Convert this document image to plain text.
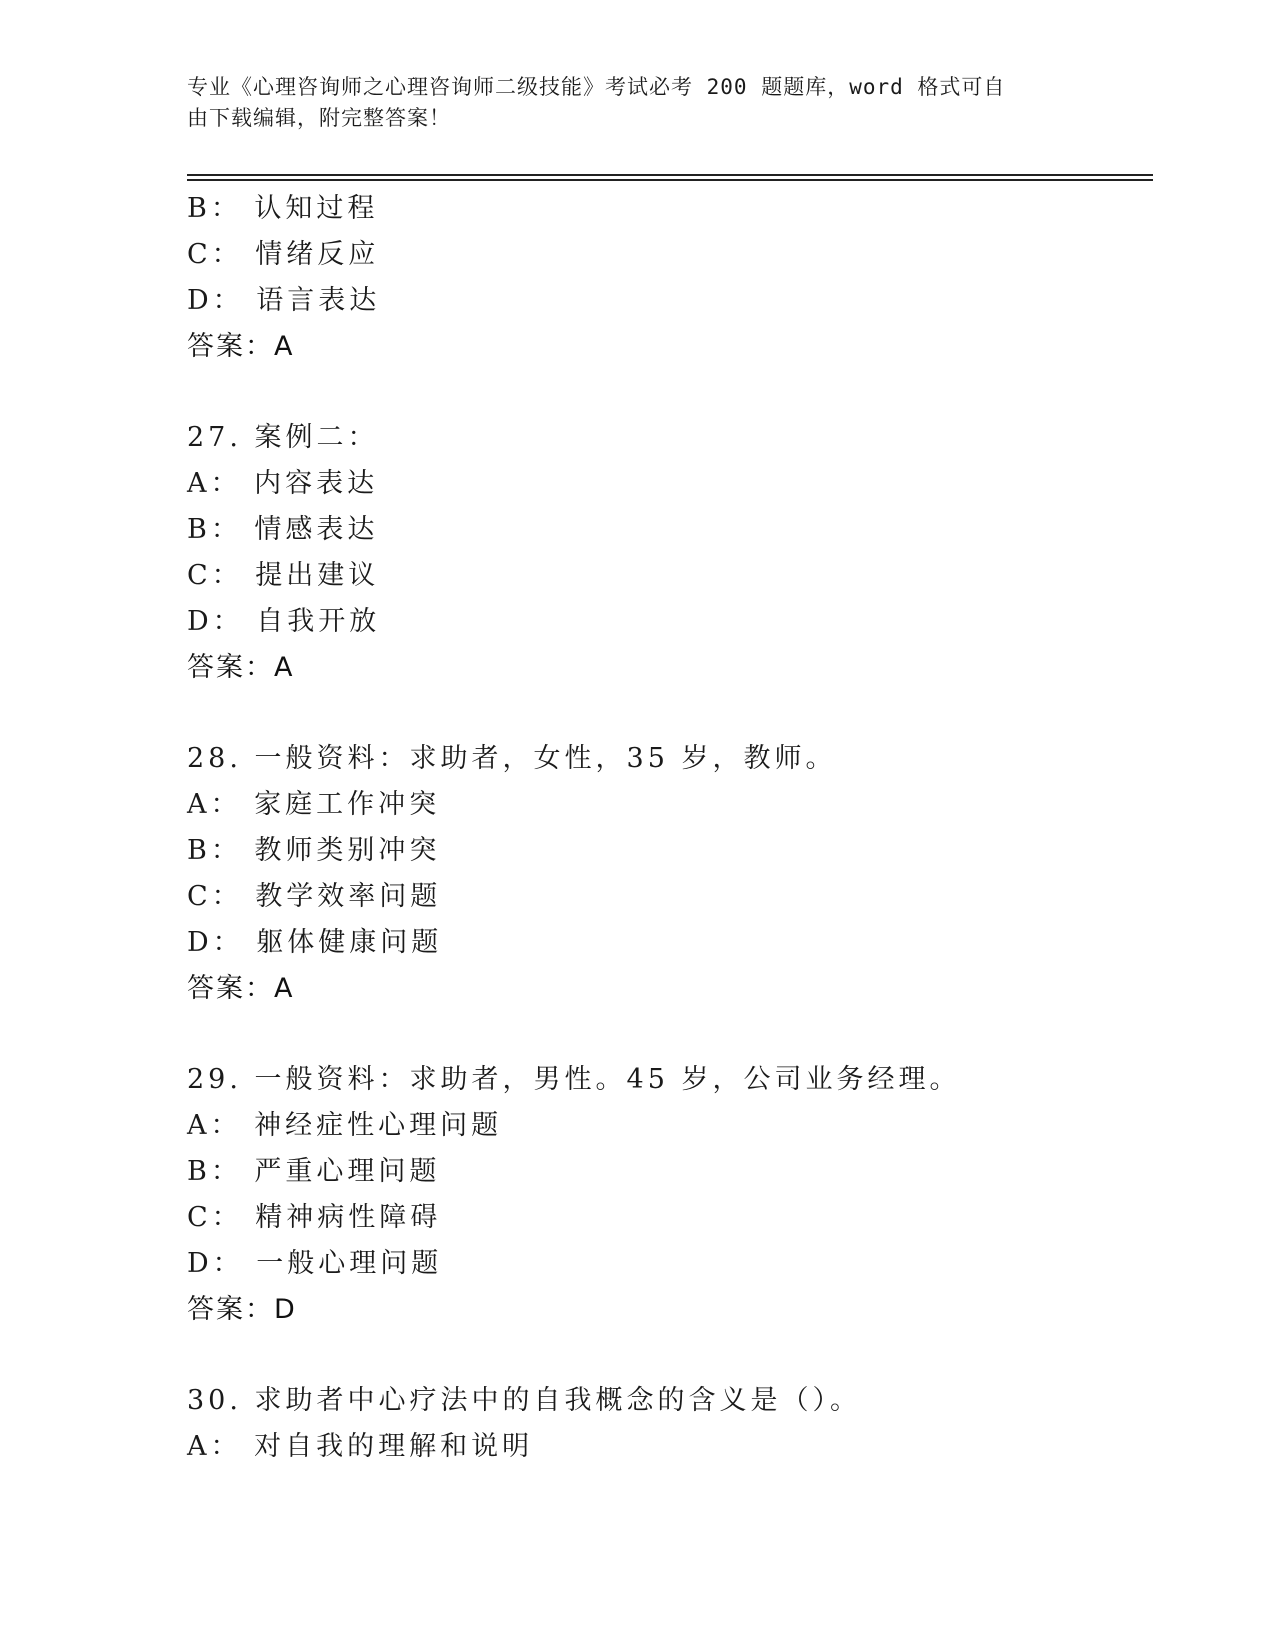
专业《心理咨询师之心理咨询师二级技能》考试必考 200 题题库，word 格式可自
由下载编辑，附完整答案！
B： 认知过程
C： 情绪反应
D： 语言表达
答案：A
27. 案例二：
A： 内容表达
B： 情感表达
C： 提出建议
D： 自我开放
答案：A
28. 一般资料：求助者，女性，35 岁，教师。
A： 家庭工作冲突
B： 教师类别冲突
C： 教学效率问题
D： 躯体健康问题
答案：A
29. 一般资料：求助者，男性。45 岁，公司业务经理。
A： 神经症性心理问题
B： 严重心理问题
C： 精神病性障碍
D： 一般心理问题
答案：D
30. 求助者中心疗法中的自我概念的含义是（）。
A： 对自我的理解和说明
